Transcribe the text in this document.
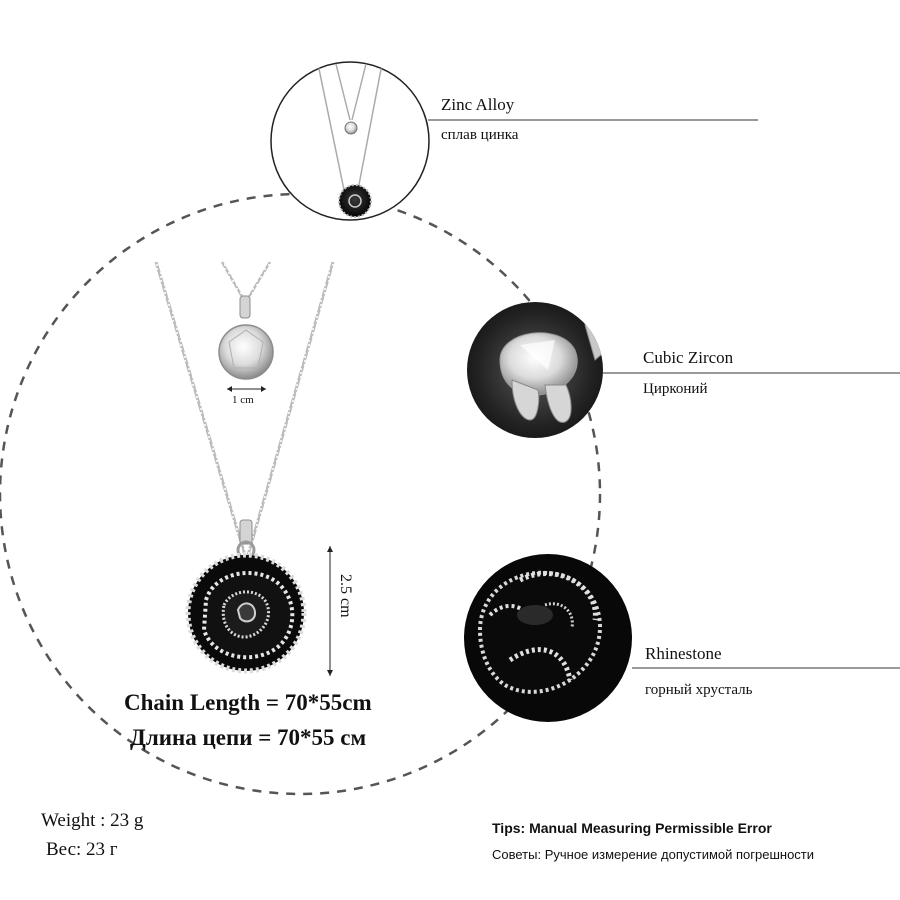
Zinc Alloy
сплав цинка
Cubic Zircon
Цирконий
Rhinestone
горный хрусталь
1 cm
2.5 cm
Chain Length = 70*55cm
Длина цепи = 70*55 см
Weight : 23 g
Вес: 23 г
Tips: Manual Measuring Permissible Error
Советы: Ручное измерение допустимой погрешности
